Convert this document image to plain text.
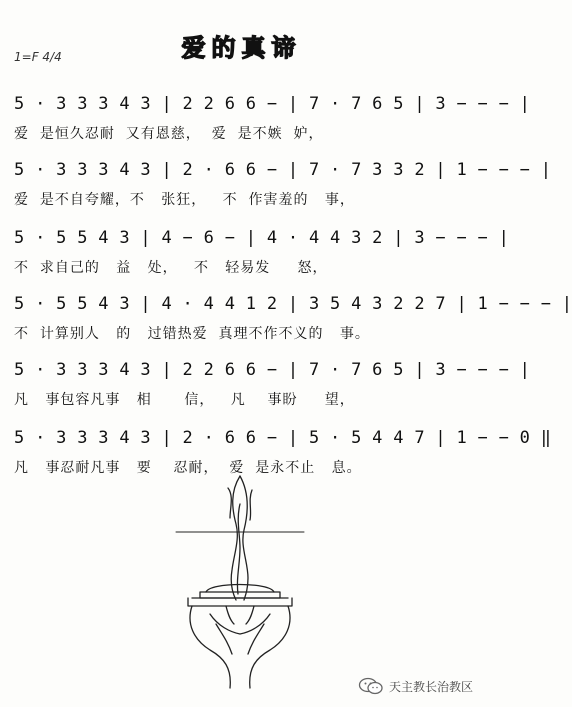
1=F 4/4	爱的真谛
5 · 3 3 3 4 3 | 2 2 6 6 − | 7 · 7 6 5 | 3 − − − |
爱  是恒久忍耐  又有恩慈，  爱  是不嫉  妒，
5 · 3 3 3 4 3 | 2 · 6 6 − | 7 · 7 3 3 2 | 1 − − − |
爱  是不自夸耀，不   张狂，   不  作害羞的   事，
5 · 5 5 4 3 | 4 − 6 − | 4 · 4 4 3 2 | 3 − − − |
不  求自己的   益   处，   不   轻易发     怒，
5 · 5 5 4 3 | 4 · 4 4 1 2 | 3 5 4 3 2 2 7 | 1 − − − |
不  计算别人   的   过错热爱  真理不作不义的   事。
5 · 3 3 3 4 3 | 2 2 6 6 − | 7 · 7 6 5 | 3 − − − |
凡   事包容凡事   相      信，   凡    事盼     望，
5 · 3 3 3 4 3 | 2 · 6 6 − | 5 · 5 4 4 7 | 1 − − 0 ‖
凡   事忍耐凡事   要    忍耐，  爱  是永不止   息。
天主教长治教区
